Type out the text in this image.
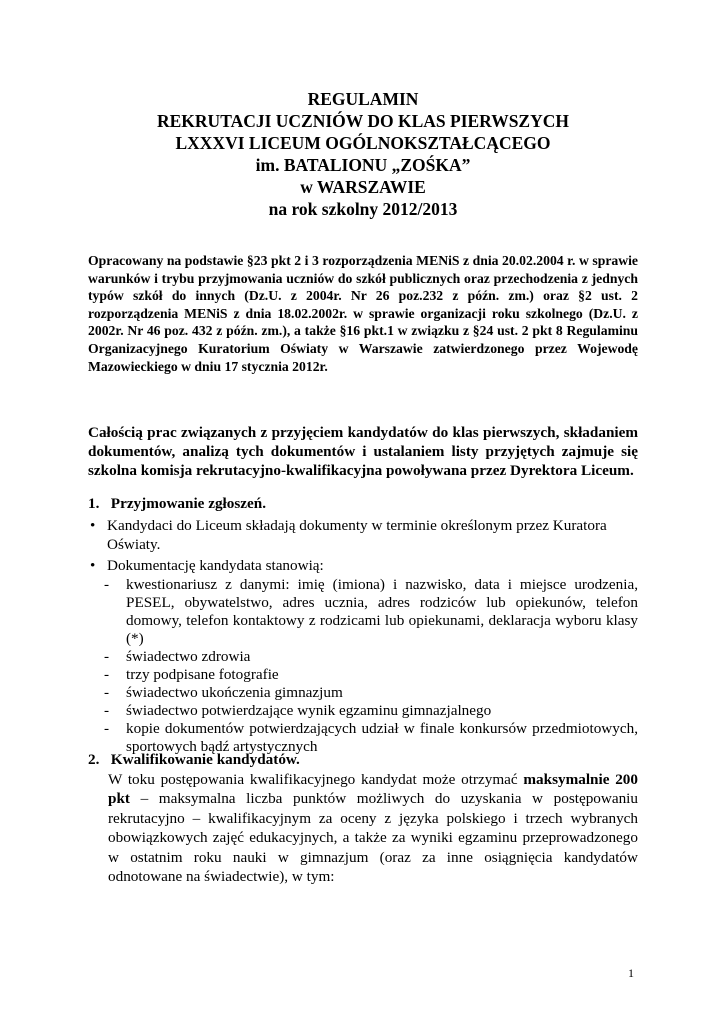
REGULAMIN
REKRUTACJI UCZNIÓW DO KLAS PIERWSZYCH
LXXXVI LICEUM OGÓLNOKSZTAŁCĄCEGO
im. BATALIONU „ZOŚKA”
w WARSZAWIE
na rok szkolny 2012/2013
Opracowany na podstawie §23 pkt 2 i 3 rozporządzenia MENiS z dnia 20.02.2004 r. w sprawie warunków i trybu przyjmowania uczniów do szkół publicznych oraz przechodzenia z jednych typów szkół do innych (Dz.U. z 2004r. Nr 26 poz.232 z późn. zm.) oraz §2 ust. 2 rozporządzenia MENiS z dnia 18.02.2002r. w sprawie organizacji roku szkolnego (Dz.U. z 2002r. Nr 46 poz. 432 z późn. zm.), a także §16 pkt.1 w związku z §24 ust. 2 pkt 8 Regulaminu Organizacyjnego Kuratorium Oświaty w Warszawie zatwierdzonego przez Wojewodę Mazowieckiego w dniu 17 stycznia 2012r.
Całością prac związanych z przyjęciem kandydatów do klas pierwszych, składaniem dokumentów, analizą tych dokumentów i ustalaniem listy przyjętych zajmuje się szkolna komisja rekrutacyjno-kwalifikacyjna powoływana przez Dyrektora Liceum.
1. Przyjmowanie zgłoszeń.
• Kandydaci do Liceum składają dokumenty w terminie określonym przez Kuratora Oświaty.
• Dokumentację kandydata stanowią:
- kwestionariusz z danymi: imię (imiona) i nazwisko, data i miejsce urodzenia, PESEL, obywatelstwo, adres ucznia, adres rodziców lub opiekunów, telefon domowy, telefon kontaktowy z rodzicami lub opiekunami, deklaracja wyboru klasy (*)
- świadectwo zdrowia
- trzy podpisane fotografie
- świadectwo ukończenia gimnazjum
- świadectwo potwierdzające wynik egzaminu gimnazjalnego
- kopie dokumentów potwierdzających udział w finale konkursów przedmiotowych, sportowych bądź artystycznych
2. Kwalifikowanie kandydatów.
W toku postępowania kwalifikacyjnego kandydat może otrzymać maksymalnie 200 pkt – maksymalna liczba punktów możliwych do uzyskania w postępowaniu rekrutacyjno – kwalifikacyjnym za oceny z języka polskiego i trzech wybranych obowiązkowych zajęć edukacyjnych, a także za wyniki egzaminu przeprowadzonego w ostatnim roku nauki w gimnazjum (oraz za inne osiągnięcia kandydatów odnotowane na świadectwie), w tym:
1
